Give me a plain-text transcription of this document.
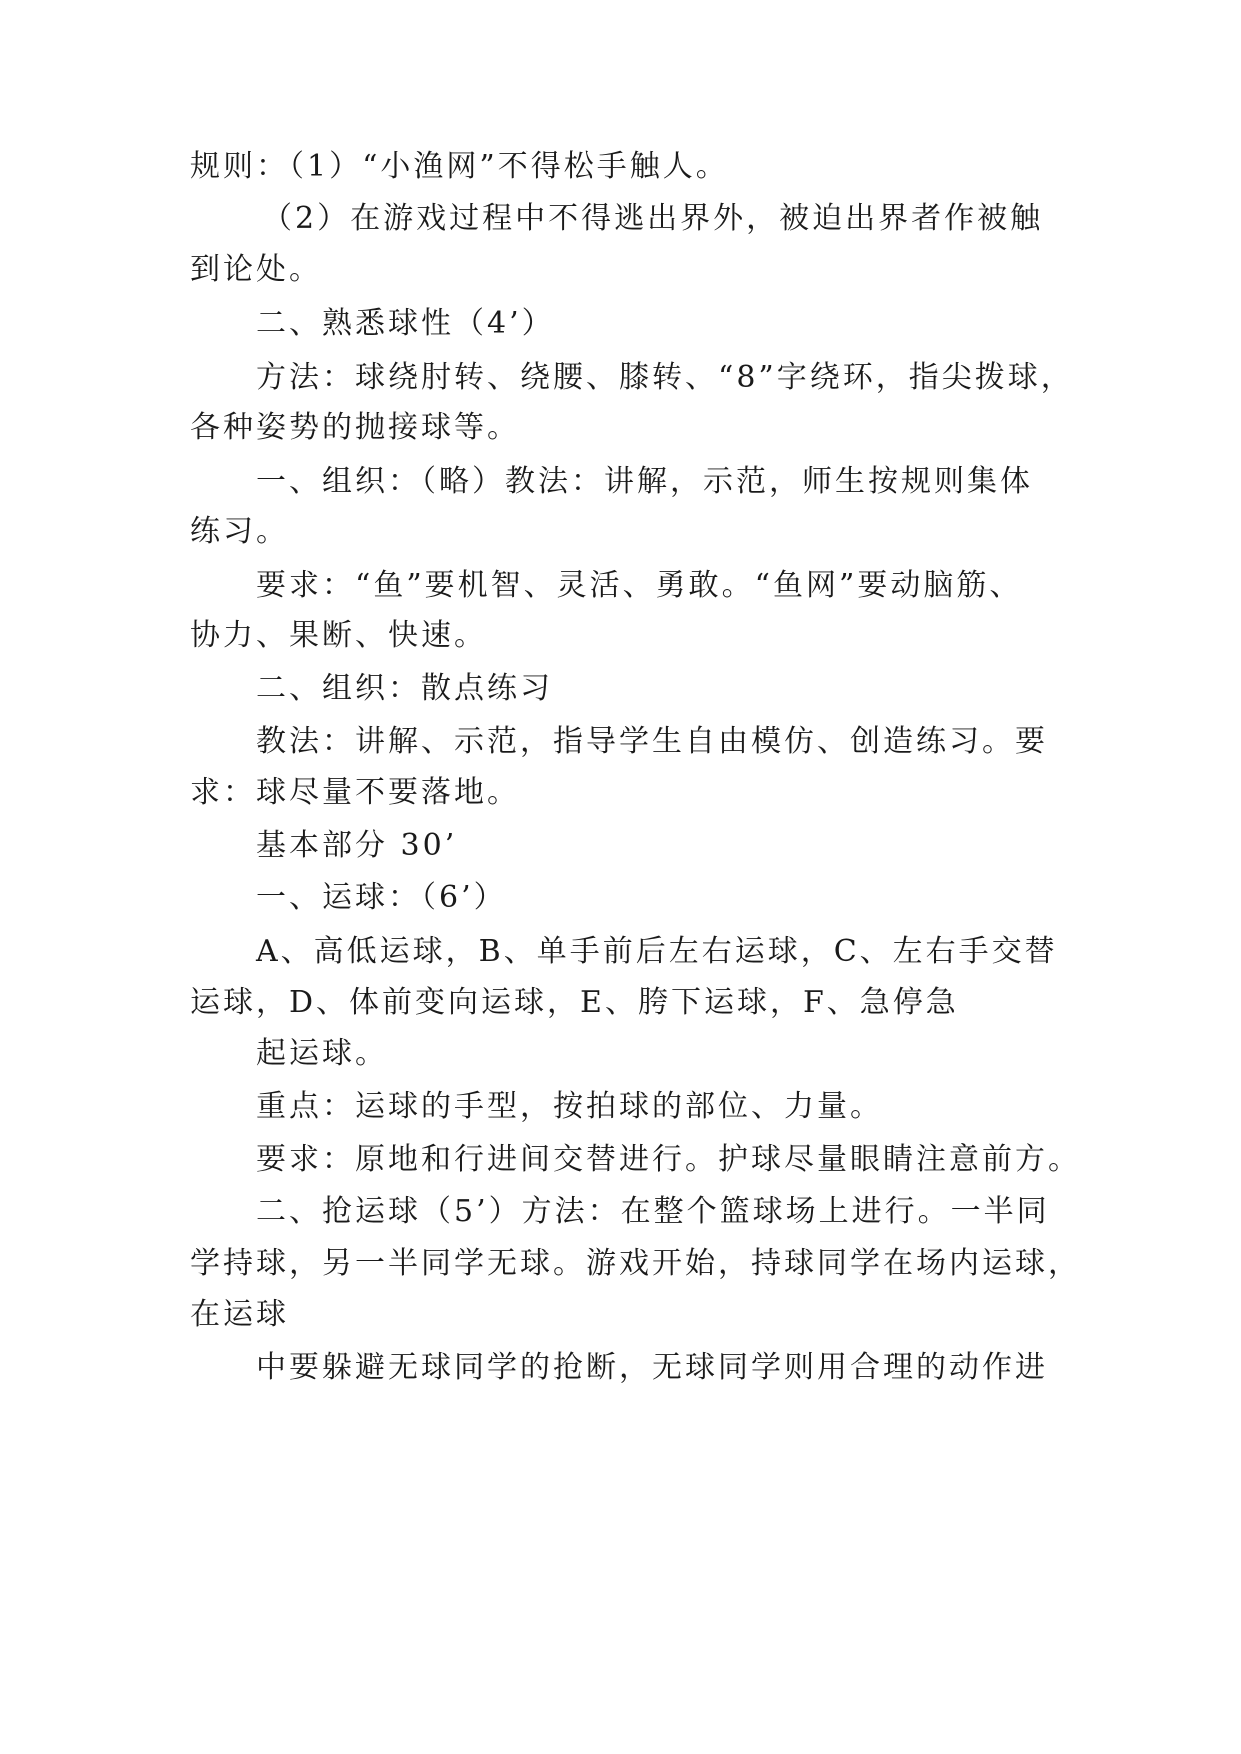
规则：（1）“小渔网”不得松手触人。
（2）在游戏过程中不得逃出界外，被迫出界者作被触
到论处。
二、熟悉球性（4’）
方法：球绕肘转、绕腰、膝转、“8”字绕环，指尖拨球，
各种姿势的抛接球等。
一、组织：（略）教法：讲解，示范，师生按规则集体
练习。
要求：“鱼”要机智、灵活、勇敢。“鱼网”要动脑筋、
协力、果断、快速。
二、组织：散点练习
教法：讲解、示范，指导学生自由模仿、创造练习。要
求：球尽量不要落地。
基本部分 30’
一、运球：（6’）
A、高低运球，B、单手前后左右运球，C、左右手交替
运球，D、体前变向运球，E、胯下运球，F、急停急
起运球。
重点：运球的手型，按拍球的部位、力量。
要求：原地和行进间交替进行。护球尽量眼睛注意前方。
二、抢运球（5’）方法：在整个篮球场上进行。一半同
学持球，另一半同学无球。游戏开始，持球同学在场内运球，
在运球
中要躲避无球同学的抢断，无球同学则用合理的动作进
